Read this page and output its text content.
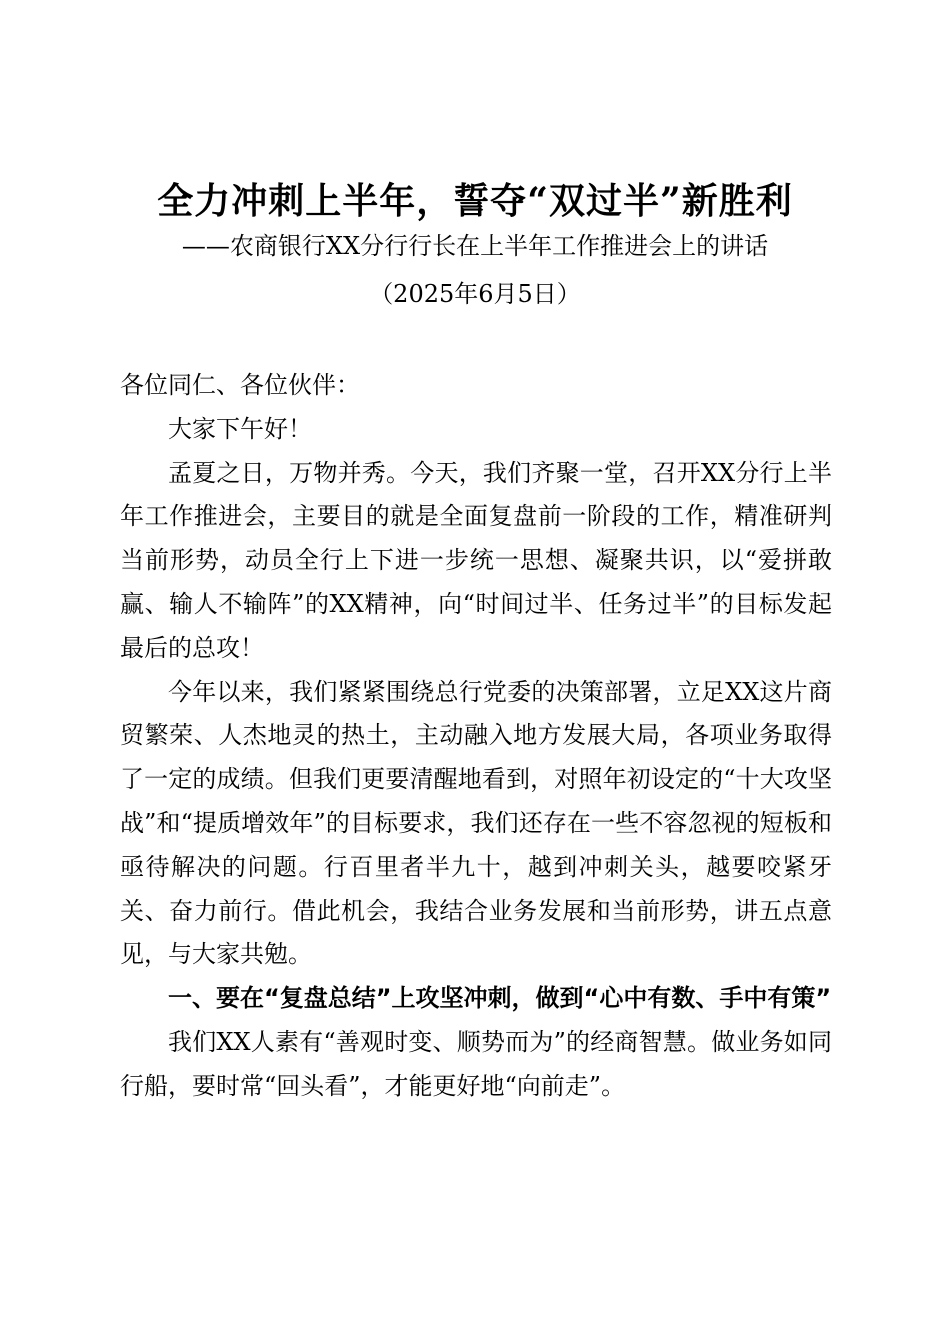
全力冲刺上半年，誓夺“双过半”新胜利
——农商银行XX分行行长在上半年工作推进会上的讲话
（2025年6月5日）

各位同仁、各位伙伴：

大家下午好！

孟夏之日，万物并秀。今天，我们齐聚一堂，召开XX分行上半年工作推进会，主要目的就是全面复盘前一阶段的工作，精准研判当前形势，动员全行上下进一步统一思想、凝聚共识，以“爱拼敢赢、输人不输阵”的XX精神，向“时间过半、任务过半”的目标发起最后的总攻！

今年以来，我们紧紧围绕总行党委的决策部署，立足XX这片商贸繁荣、人杰地灵的热土，主动融入地方发展大局，各项业务取得了一定的成绩。但我们更要清醒地看到，对照年初设定的“十大攻坚战”和“提质增效年”的目标要求，我们还存在一些不容忽视的短板和亟待解决的问题。行百里者半九十，越到冲刺关头，越要咬紧牙关、奋力前行。借此机会，我结合业务发展和当前形势，讲五点意见，与大家共勉。

一、要在“复盘总结”上攻坚冲刺，做到“心中有数、手中有策”

我们XX人素有“善观时变、顺势而为”的经商智慧。做业务如同行船，要时常“回头看”，才能更好地“向前走”。
